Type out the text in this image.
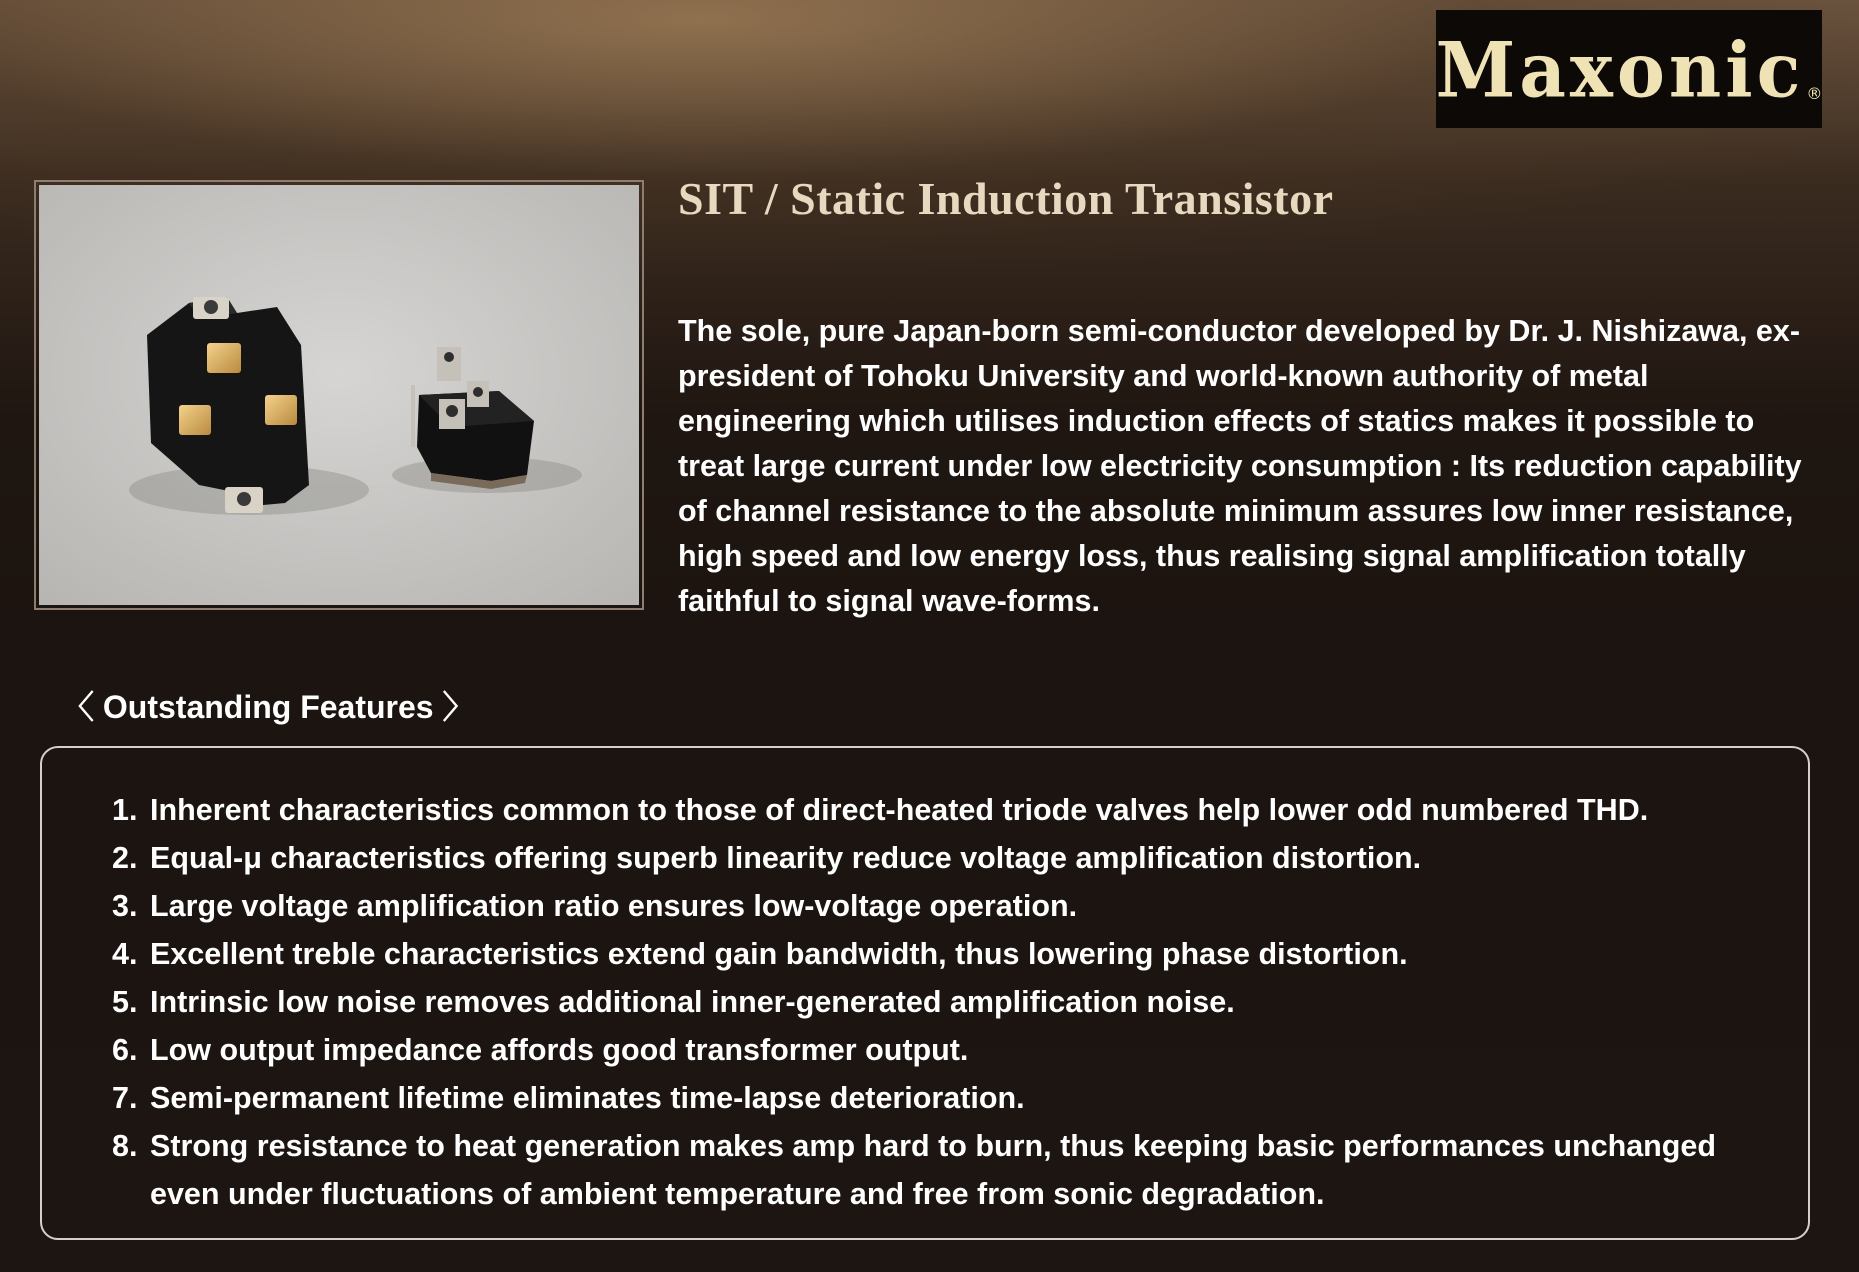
Maxonic ®
SIT / Static Induction Transistor

The sole, pure Japan-born semi-conductor developed by Dr. J. Nishizawa, ex-president of Tohoku University and world-known authority of metal engineering which utilises induction effects of statics makes it possible to treat large current under low electricity consumption : Its reduction capability of channel resistance to the absolute minimum assures low inner resistance, high speed and low energy loss, thus realising signal amplification totally faithful to signal wave-forms.

〈 Outstanding Features 〉
1. Inherent characteristics common to those of direct-heated triode valves help lower odd numbered THD.
2. Equal-μ characteristics offering superb linearity reduce voltage amplification distortion.
3. Large voltage amplification ratio ensures low-voltage operation.
4. Excellent treble characteristics extend gain bandwidth, thus lowering phase distortion.
5. Intrinsic low noise removes additional inner-generated amplification noise.
6. Low output impedance affords good transformer output.
7. Semi-permanent lifetime eliminates time-lapse deterioration.
8. Strong resistance to heat generation makes amp hard to burn, thus keeping basic performances unchanged even under fluctuations of ambient temperature and free from sonic degradation.
